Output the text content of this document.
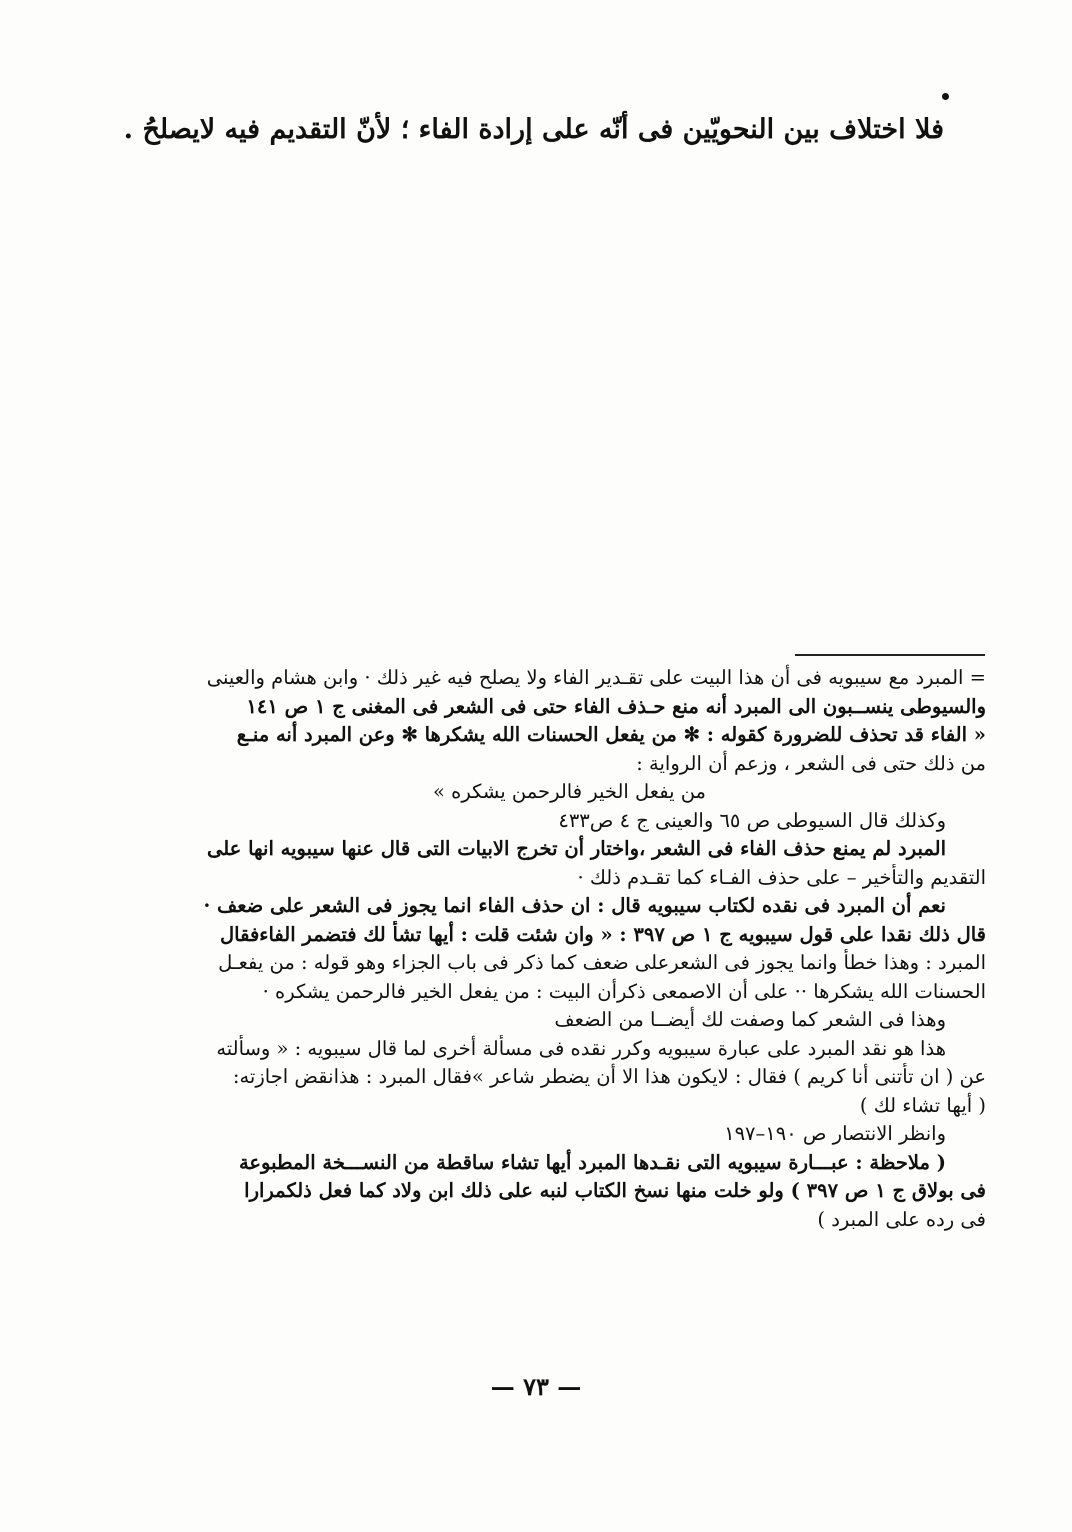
فلا اختلاف بين النحويّين فى أنّه على إرادة الفاء ؛ لأنّ التقديم فيه لايصلحُ .
= المبرد مع سيبويه فى أن هذا البيت على تقـدير الفاء ولا يصلح فيه غير ذلك · وابن هشام والعينى
والسيوطى ينســبون الى المبرد أنه منع حـذف الفاء حتى فى الشعر فى المغنى ج ١ ص ١٤١
« الفاء قد تحذف للضرورة كقوله : ✻ من يفعل الحسنات الله يشكرها ✻ وعن المبرد أنه منـع
من ذلك حتى فى الشعر ، وزعم أن الرواية :
من يفعل الخير فالرحمن يشكره »
وكذلك قال السيوطى ص ٦٥ والعينى ج ٤ ص٤٣٣
المبرد لم يمنع حذف الفاء فى الشعر ،واختار أن تخرج الابيات التى قال عنها سيبويه انها على
التقديم والتأخير – على حذف الفـاء كما تقـدم ذلك ·
نعم أن المبرد فى نقده لكتاب سيبويه قال : ان حذف الفاء انما يجوز فى الشعر على ضعف ·
قال ذلك نقدا على قول سيبويه ج ١ ص ٣٩٧ : « وان شئت قلت : أيها تشأ لك فتضمر الفاءفقال
المبرد : وهذا خطأ وانما يجوز فى الشعرعلى ضعف كما ذكر فى باب الجزاء وهو قوله : من يفعـل
الحسنات الله يشكرها ·· على أن الاصمعى ذكرأن البيت : من يفعل الخير فالرحمن يشكره ·
وهذا فى الشعر كما وصفت لك أيضــا من الضعف
هذا هو نقد المبرد على عبارة سيبويه وكرر نقده فى مسألة أخرى لما قال سيبويه : « وسألته
عن ( ان تأتنى أنا كريم ) فقال : لايكون هذا الا أن يضطر شاعر »فقال المبرد : هذانقض اجازته:
( أيها تشاء لك )
وانظر الانتصار ص ١٩٠–١٩٧
( ملاحظة : عبـــارة سيبويه التى نقـدها المبرد أيها تشاء ساقطة من النســـخة المطبوعة
فى بولاق ج ١ ص ٣٩٧ ) ولو خلت منها نسخ الكتاب لنبه على ذلك ابن ولاد كما فعل ذلكمرارا
فى رده على المبرد )
— ٧٣ —
